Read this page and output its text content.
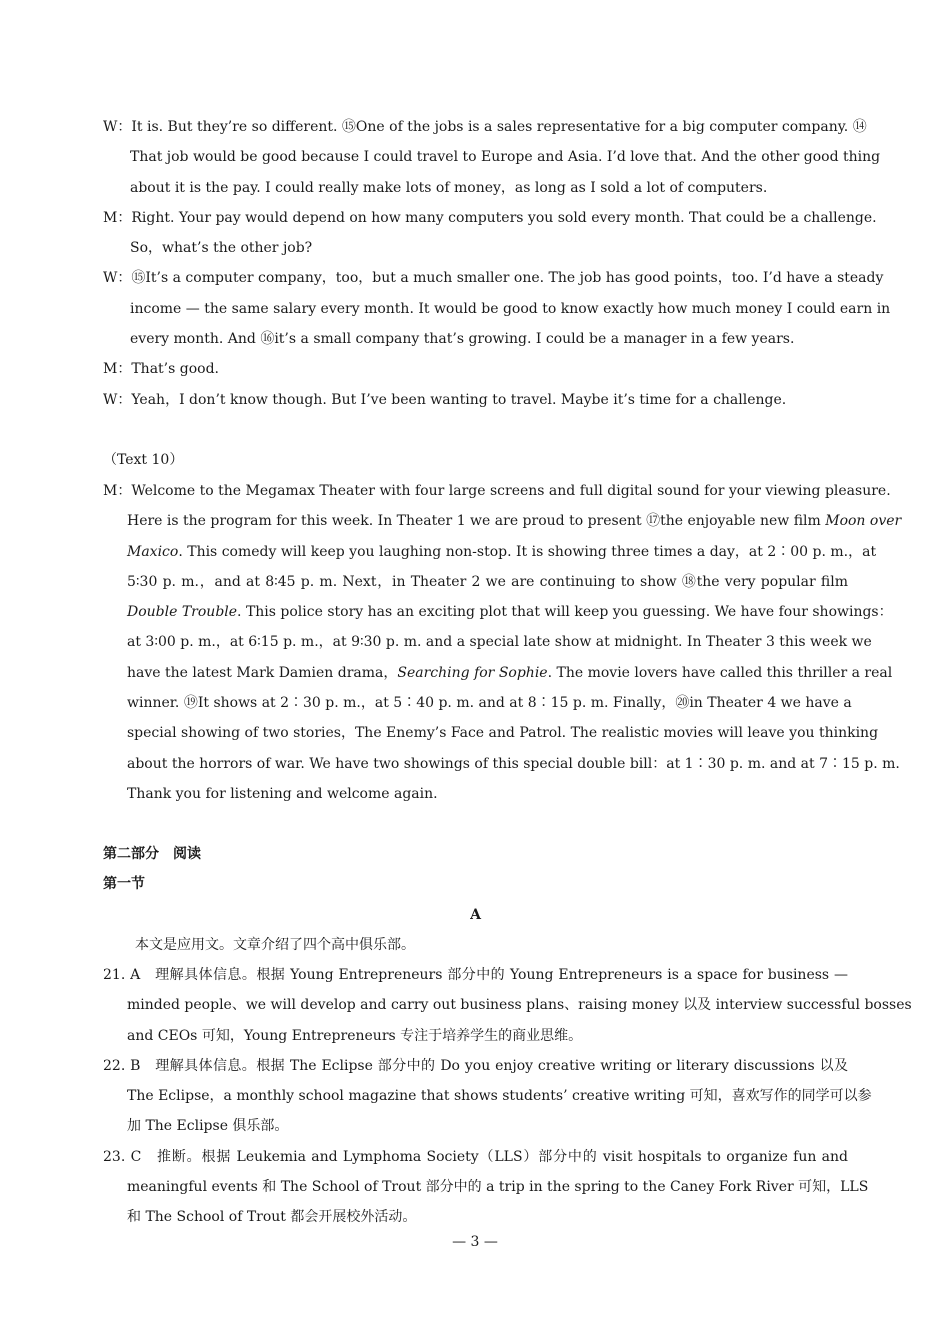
W：It is. But they’re so different. ⑮One of the jobs is a sales representative for a big computer company. ⑭
That job would be good because I could travel to Europe and Asia. I’d love that. And the other good thing
about it is the pay. I could really make lots of money，as long as I sold a lot of computers.
M：Right. Your pay would depend on how many computers you sold every month. That could be a challenge.
So，what’s the other job?
W：⑮It’s a computer company，too，but a much smaller one. The job has good points，too. I’d have a steady
income — the same salary every month. It would be good to know exactly how much money I could earn in
every month. And ⑯it’s a small company that’s growing. I could be a manager in a few years.
M：That’s good.
W：Yeah，I don’t know though. But I’ve been wanting to travel. Maybe it’s time for a challenge.
（Text 10）
M：Welcome to the Megamax Theater with four large screens and full digital sound for your viewing pleasure.
Here is the program for this week. In Theater 1 we are proud to present ⑰the enjoyable new film Moon over
Maxico. This comedy will keep you laughing non-stop. It is showing three times a day，at 2∶00 p. m.，at
5∶30 p. m.，and at 8∶45 p. m. Next，in Theater 2 we are continuing to show ⑱the very popular film
Double Trouble. This police story has an exciting plot that will keep you guessing. We have four showings：
at 3∶00 p. m.，at 6∶15 p. m.，at 9∶30 p. m. and a special late show at midnight. In Theater 3 this week we
have the latest Mark Damien drama，Searching for Sophie. The movie lovers have called this thriller a real
winner. ⑲It shows at 2∶30 p. m.，at 5∶40 p. m. and at 8∶15 p. m. Finally，⑳in Theater 4 we have a
special showing of two stories，The Enemy’s Face and Patrol. The realistic movies will leave you thinking
about the horrors of war. We have two showings of this special double bill：at 1∶30 p. m. and at 7∶15 p. m.
Thank you for listening and welcome again.
第二部分　阅读
第一节
A
本文是应用文。文章介绍了四个高中俱乐部。
21. A　理解具体信息。根据 Young Entrepreneurs 部分中的 Young Entrepreneurs is a space for business —
minded people、we will develop and carry out business plans、raising money 以及 interview successful bosses
and CEOs 可知，Young Entrepreneurs 专注于培养学生的商业思维。
22. B　理解具体信息。根据 The Eclipse 部分中的 Do you enjoy creative writing or literary discussions 以及
The Eclipse，a monthly school magazine that shows students’ creative writing 可知，喜欢写作的同学可以参
加 The Eclipse 俱乐部。
23. C　推断。根据 Leukemia and Lymphoma Society（LLS）部分中的 visit hospitals to organize fun and
meaningful events 和 The School of Trout 部分中的 a trip in the spring to the Caney Fork River 可知，LLS
和 The School of Trout 都会开展校外活动。
— 3 —
